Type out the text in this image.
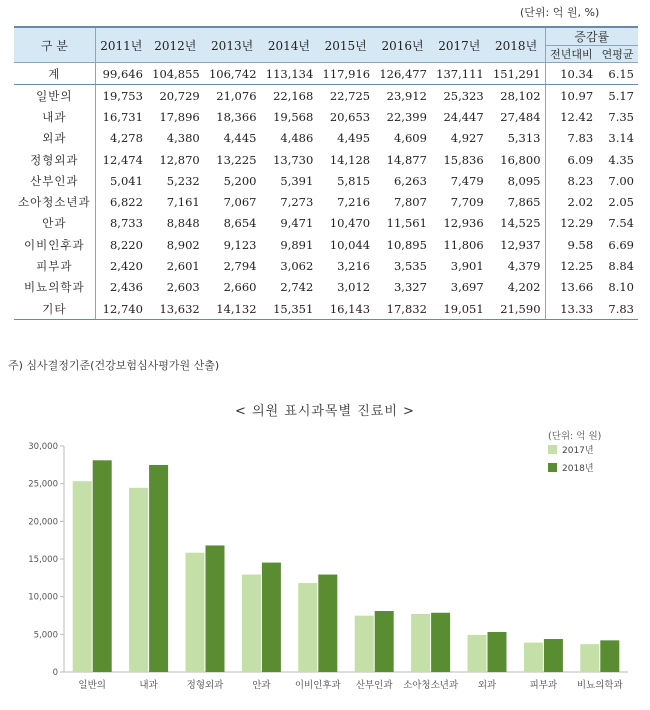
(단위: 억 원, %)
구 분	2011년	2012년	2013년	2014년	2015년	2016년	2017년	2018년	증감률	
									전년대비	연평균
계	99,646	104,855	106,742	113,134	117,916	126,477	137,111	151,291	10.34	6.15
일반의	19,753	20,729	21,076	22,168	22,725	23,912	25,323	28,102	10.97	5.17
내과	16,731	17,896	18,366	19,568	20,653	22,399	24,447	27,484	12.42	7.35
외과	4,278	4,380	4,445	4,486	4,495	4,609	4,927	5,313	7.83	3.14
정형외과	12,474	12,870	13,225	13,730	14,128	14,877	15,836	16,800	6.09	4.35
산부인과	5,041	5,232	5,200	5,391	5,815	6,263	7,479	8,095	8.23	7.00
소아청소년과	6,822	7,161	7,067	7,273	7,216	7,807	7,709	7,865	2.02	2.05
안과	8,733	8,848	8,654	9,471	10,470	11,561	12,936	14,525	12.29	7.54
이비인후과	8,220	8,902	9,123	9,891	10,044	10,895	11,806	12,937	9.58	6.69
피부과	2,420	2,601	2,794	3,062	3,216	3,535	3,901	4,379	12.25	8.84
비뇨의학과	2,436	2,603	2,660	2,742	3,012	3,327	3,697	4,202	13.66	8.10
기타	12,740	13,632	14,132	15,351	16,143	17,832	19,051	21,590	13.33	7.83
주) 심사결정기준(건강보험심사평가원 산출)
< 의원 표시과목별 진료비 >
(단위: 억 원)
0
5,000
10,000
15,000
20,000
25,000
30,000
일반의	내과	정형외과	안과	이비인후과 산부인과 소아청소년과 외과	피부과 비뇨의학과
2017년
2018년
